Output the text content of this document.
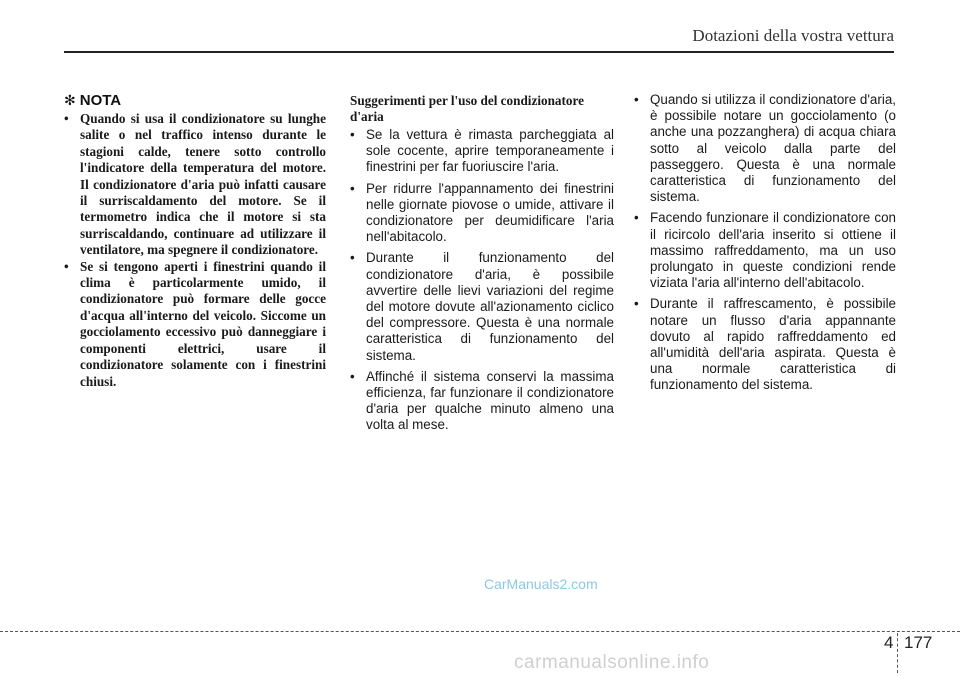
Dotazioni della vostra vettura
✻ NOTA
• Quando si usa il condizionatore su lunghe salite o nel traffico intenso durante le stagioni calde, tenere sotto controllo l'indicatore della temperatura del motore. Il condizionatore d'aria può infatti causare il surriscaldamento del motore. Se il termometro indica che il motore si sta surriscaldando, continuare ad utilizzare il ventilatore, ma spegnere il condizionatore.
• Se si tengono aperti i finestrini quando il clima è particolarmente umido, il condizionatore può formare delle gocce d'acqua all'interno del veicolo. Siccome un gocciolamento eccessivo può danneggiare i componenti elettrici, usare il condizionatore solamente con i finestrini chiusi.
Suggerimenti per l'uso del condizionatore d'aria
• Se la vettura è rimasta parcheggiata al sole cocente, aprire temporaneamente i finestrini per far fuoriuscire l'aria.
• Per ridurre l'appannamento dei finestrini nelle giornate piovose o umide, attivare il condizionatore per deumidificare l'aria nell'abitacolo.
• Durante il funzionamento del condizionatore d'aria, è possibile avvertire delle lievi variazioni del regime del motore dovute all'azionamento ciclico del compressore. Questa è una normale caratteristica di funzionamento del sistema.
• Affinché il sistema conservi la massima efficienza, far funzionare il condizionatore d'aria per qualche minuto almeno una volta al mese.
• Quando si utilizza il condizionatore d'aria, è possibile notare un gocciolamento (o anche una pozzanghera) di acqua chiara sotto al veicolo dalla parte del passeggero. Questa è una normale caratteristica di funzionamento del sistema.
• Facendo funzionare il condizionatore con il ricircolo dell'aria inserito si ottiene il massimo raffreddamento, ma un uso prolungato in queste condizioni rende viziata l'aria all'interno dell'abitacolo.
• Durante il raffrescamento, è possibile notare un flusso d'aria appannante dovuto al rapido raffreddamento ed all'umidità dell'aria aspirata. Questa è una normale caratteristica di funzionamento del sistema.
CarManuals2.com
4 177
carmanualsonline.info
